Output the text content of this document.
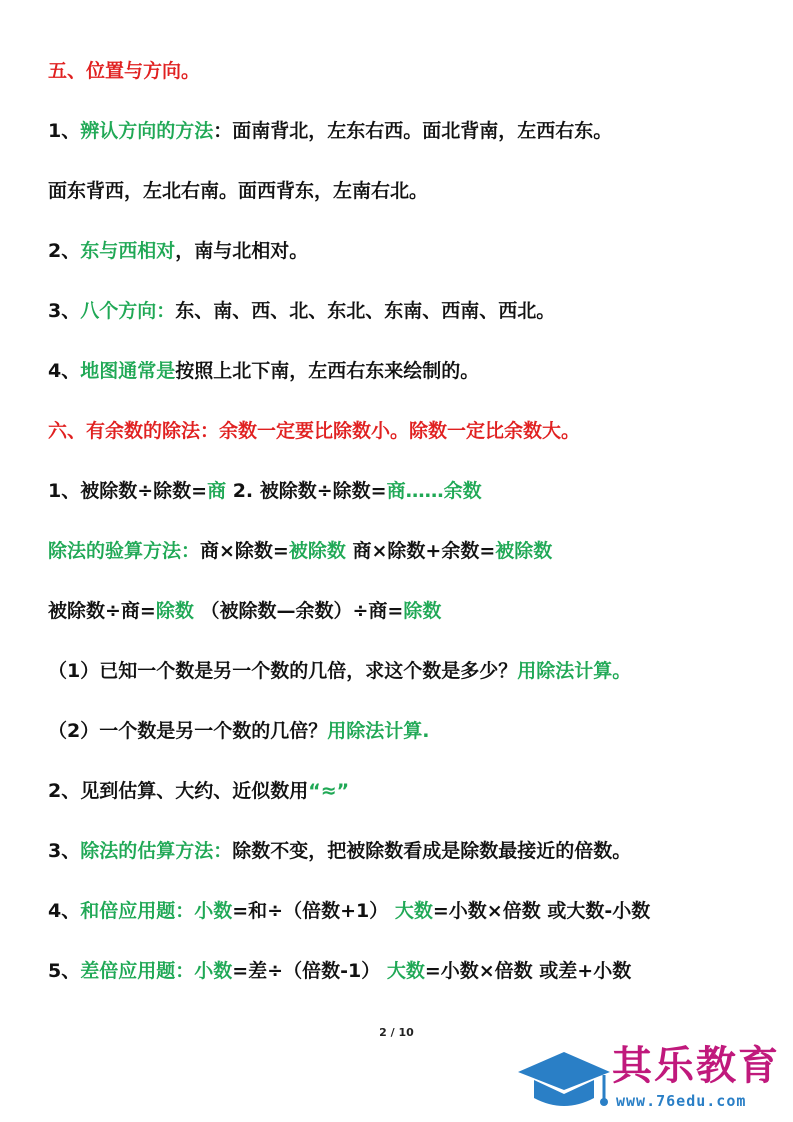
五、位置与方向。
1、辨认方向的方法：面南背北，左东右西。面北背南，左西右东。
面东背西，左北右南。面西背东，左南右北。
2、东与西相对，南与北相对。
3、八个方向：东、南、西、北、东北、东南、西南、西北。
4、地图通常是按照上北下南，左西右东来绘制的。
六、有余数的除法：余数一定要比除数小。除数一定比余数大。
1、被除数÷除数=商 2. 被除数÷除数=商……余数
除法的验算方法：商×除数=被除数 商×除数+余数=被除数
被除数÷商=除数 （被除数—余数）÷商=除数
（1）已知一个数是另一个数的几倍，求这个数是多少？用除法计算。
（2）一个数是另一个数的几倍？用除法计算.
2、见到估算、大约、近似数用“≈”
3、除法的估算方法：除数不变，把被除数看成是除数最接近的倍数。
4、和倍应用题：小数=和÷（倍数+1） 大数=小数×倍数 或大数-小数
5、差倍应用题：小数=差÷（倍数-1） 大数=小数×倍数 或差+小数
2 / 10
其乐教育
www.76edu.com
